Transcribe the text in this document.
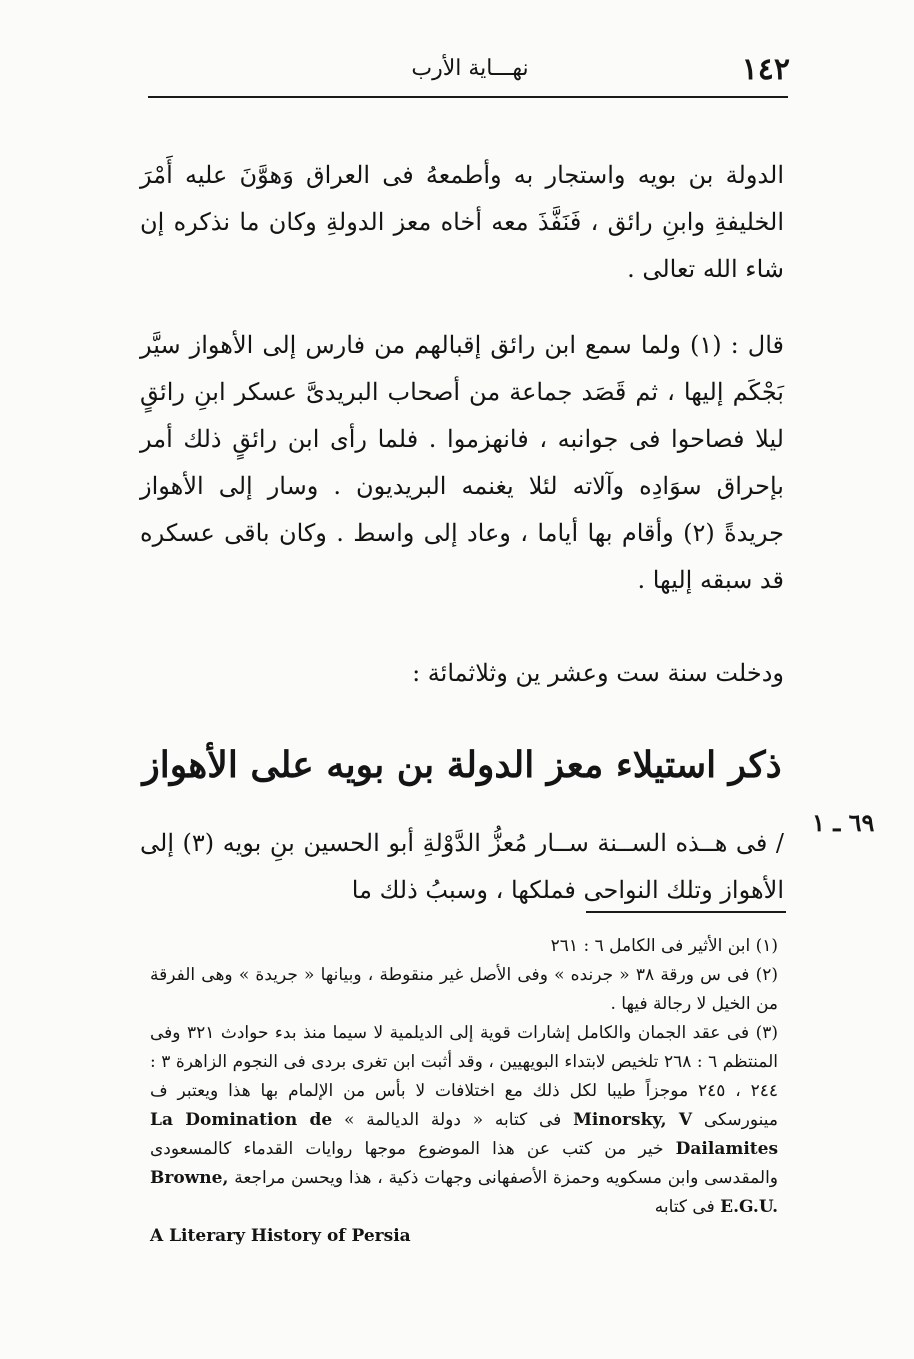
١٤٢
نهـــاية الأرب

الدولة بن بويه واستجار به وأطمعهُ فى العراق وَهوَّنَ عليه أَمْرَ الخليفةِ وابنِ رائق ، فَنَفَّذَ معه أخاه معز الدولةِ وكان ما نذكره إن شاء الله تعالى .

قال : (١) ولما سمع ابن رائق إقبالهم من فارس إلى الأهواز سيَّر بَجْكَم إليها ، ثم قَصَد جماعة من أصحاب البريدىَّ عسكر ابنِ رائقٍ ليلا فصاحوا فى جوانبه ، فانهزموا . فلما رأى ابن رائقٍ ذلك أمر بإحراق سوَادِه وآلاته لئلا يغنمه البريديون . وسار إلى الأهواز جريدةً (٢) وأقام بها أياما ، وعاد إلى واسط . وكان باقى عسكره قد سبقه إليها .

ودخلت سنة ست وعشر ين وثلاثمائة :

ذكر استيلاء معز الدولة بن بويه على الأهواز

/ فى هــذه الســنة ســار مُعزُّ الدَّوْلةِ أبو الحسين بنِ بويه (٣) إلى الأهواز وتلك النواحى فملكها ، وسببُ ذلك ما

٦٩ ـ ١

(١) ابن الأثير فى الكامل ٦ : ٢٦١

(٢) فى س ورقة ٣٨ « جرنده » وفى الأصل غير منقوطة ، وبيانها « جريدة » وهى الفرقة من الخيل لا رجالة فيها .

(٣) فى عقد الجمان والكامل إشارات قوية إلى الديلمية لا سيما منذ بدء حوادث ٣٢١ وفى المنتظم ٦ : ٢٦٨ تلخيص لابتداء البويهيين ، وقد أثبت ابن تغرى بردى فى النجوم الزاهرة ٣ : ٢٤٤ ، ٢٤٥ موجزاً طيبا لكل ذلك مع اختلافات لا بأس من الإلمام بها هذا ويعتبر ف مينورسكى Minorsky, V فى كتابه « دولة الديالمة » La Domination de Dailamites خير من كتب عن هذا الموضوع موجها روايات القدماء كالمسعودى والمقدسى وابن مسكويه وحمزة الأصفهانى وجهات ذكية ، هذا ويحسن مراجعة Browne, E.G.U. فى كتابه

A Literary History of Persia
